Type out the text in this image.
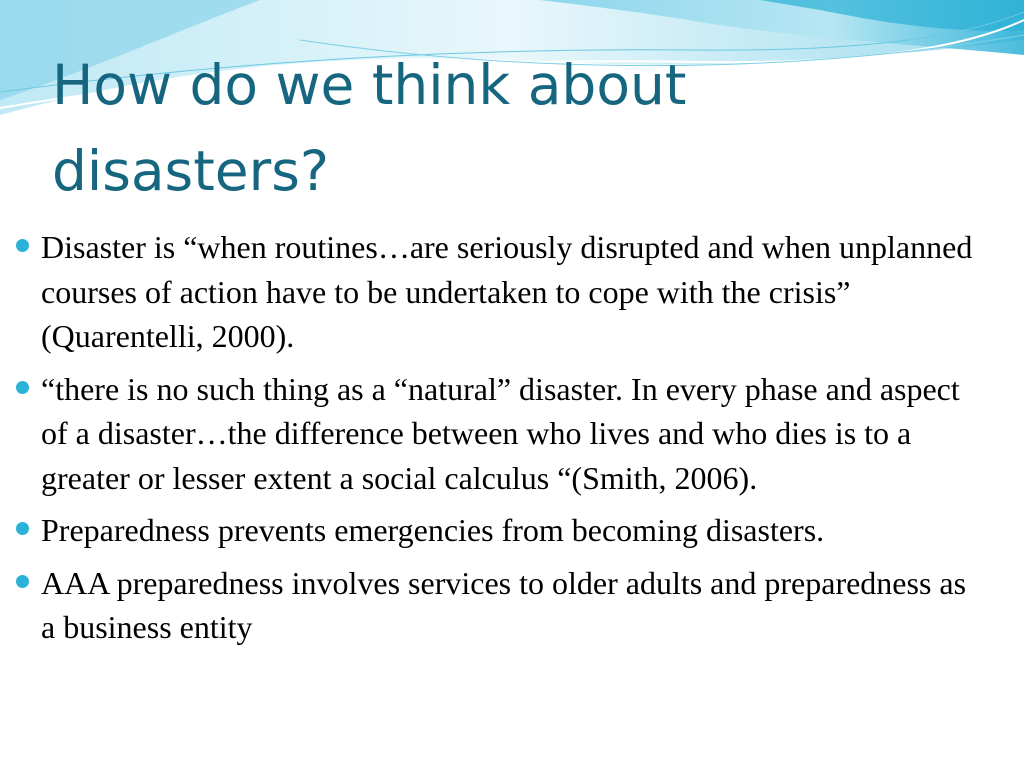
How do we think about disasters?
Disaster is “when routines…are seriously disrupted and when unplanned courses of action have to be undertaken to cope with the crisis” (Quarentelli, 2000).
“there is no such thing as a “natural” disaster. In every phase and aspect of a disaster…the difference between who lives and who dies is to a greater or lesser extent a social calculus “(Smith, 2006).
Preparedness prevents emergencies from becoming disasters.
AAA preparedness involves services to older adults and preparedness as a business entity
